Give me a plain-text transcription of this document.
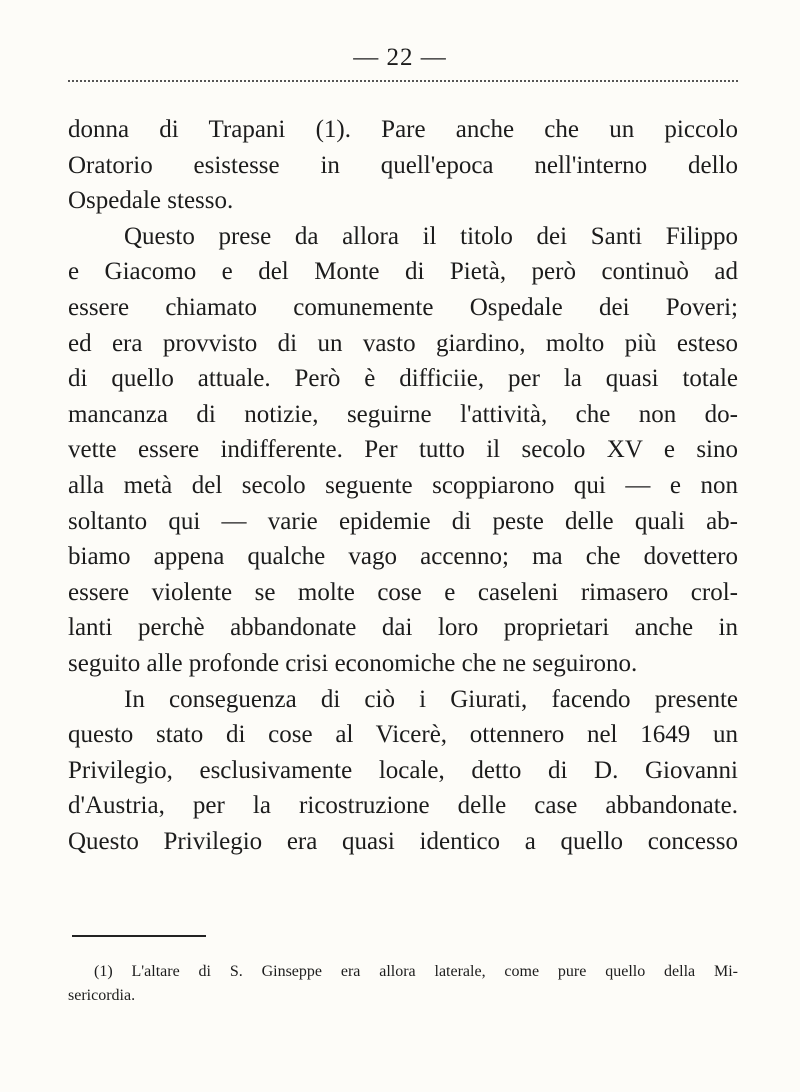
— 22 —
donna di Trapani (1). Pare anche che un piccolo
Oratorio esistesse in quell'epoca nell'interno dello
Ospedale stesso.
Questo prese da allora il titolo dei Santi Filippo
e Giacomo e del Monte di Pietà, però continuò ad
essere chiamato comunemente Ospedale dei Poveri;
ed era provvisto di un vasto giardino, molto più esteso
di quello attuale. Però è difficiie, per la quasi totale
mancanza di notizie, seguirne l'attività, che non do-
vette essere indifferente. Per tutto il secolo XV e sino
alla metà del secolo seguente scoppiarono qui — e non
soltanto qui — varie epidemie di peste delle quali ab-
biamo appena qualche vago accenno; ma che dovettero
essere violente se molte cose e caseleni rimasero crol-
lanti perchè abbandonate dai loro proprietari anche in
seguito alle profonde crisi economiche che ne seguirono.
In conseguenza di ciò i Giurati, facendo presente
questo stato di cose al Vicerè, ottennero nel 1649 un
Privilegio, esclusivamente locale, detto di D. Giovanni
d'Austria, per la ricostruzione delle case abbandonate.
Questo Privilegio era quasi identico a quello concesso
(1) L'altare di S. Ginseppe era allora laterale, come pure quello della Mi-
sericordia.
